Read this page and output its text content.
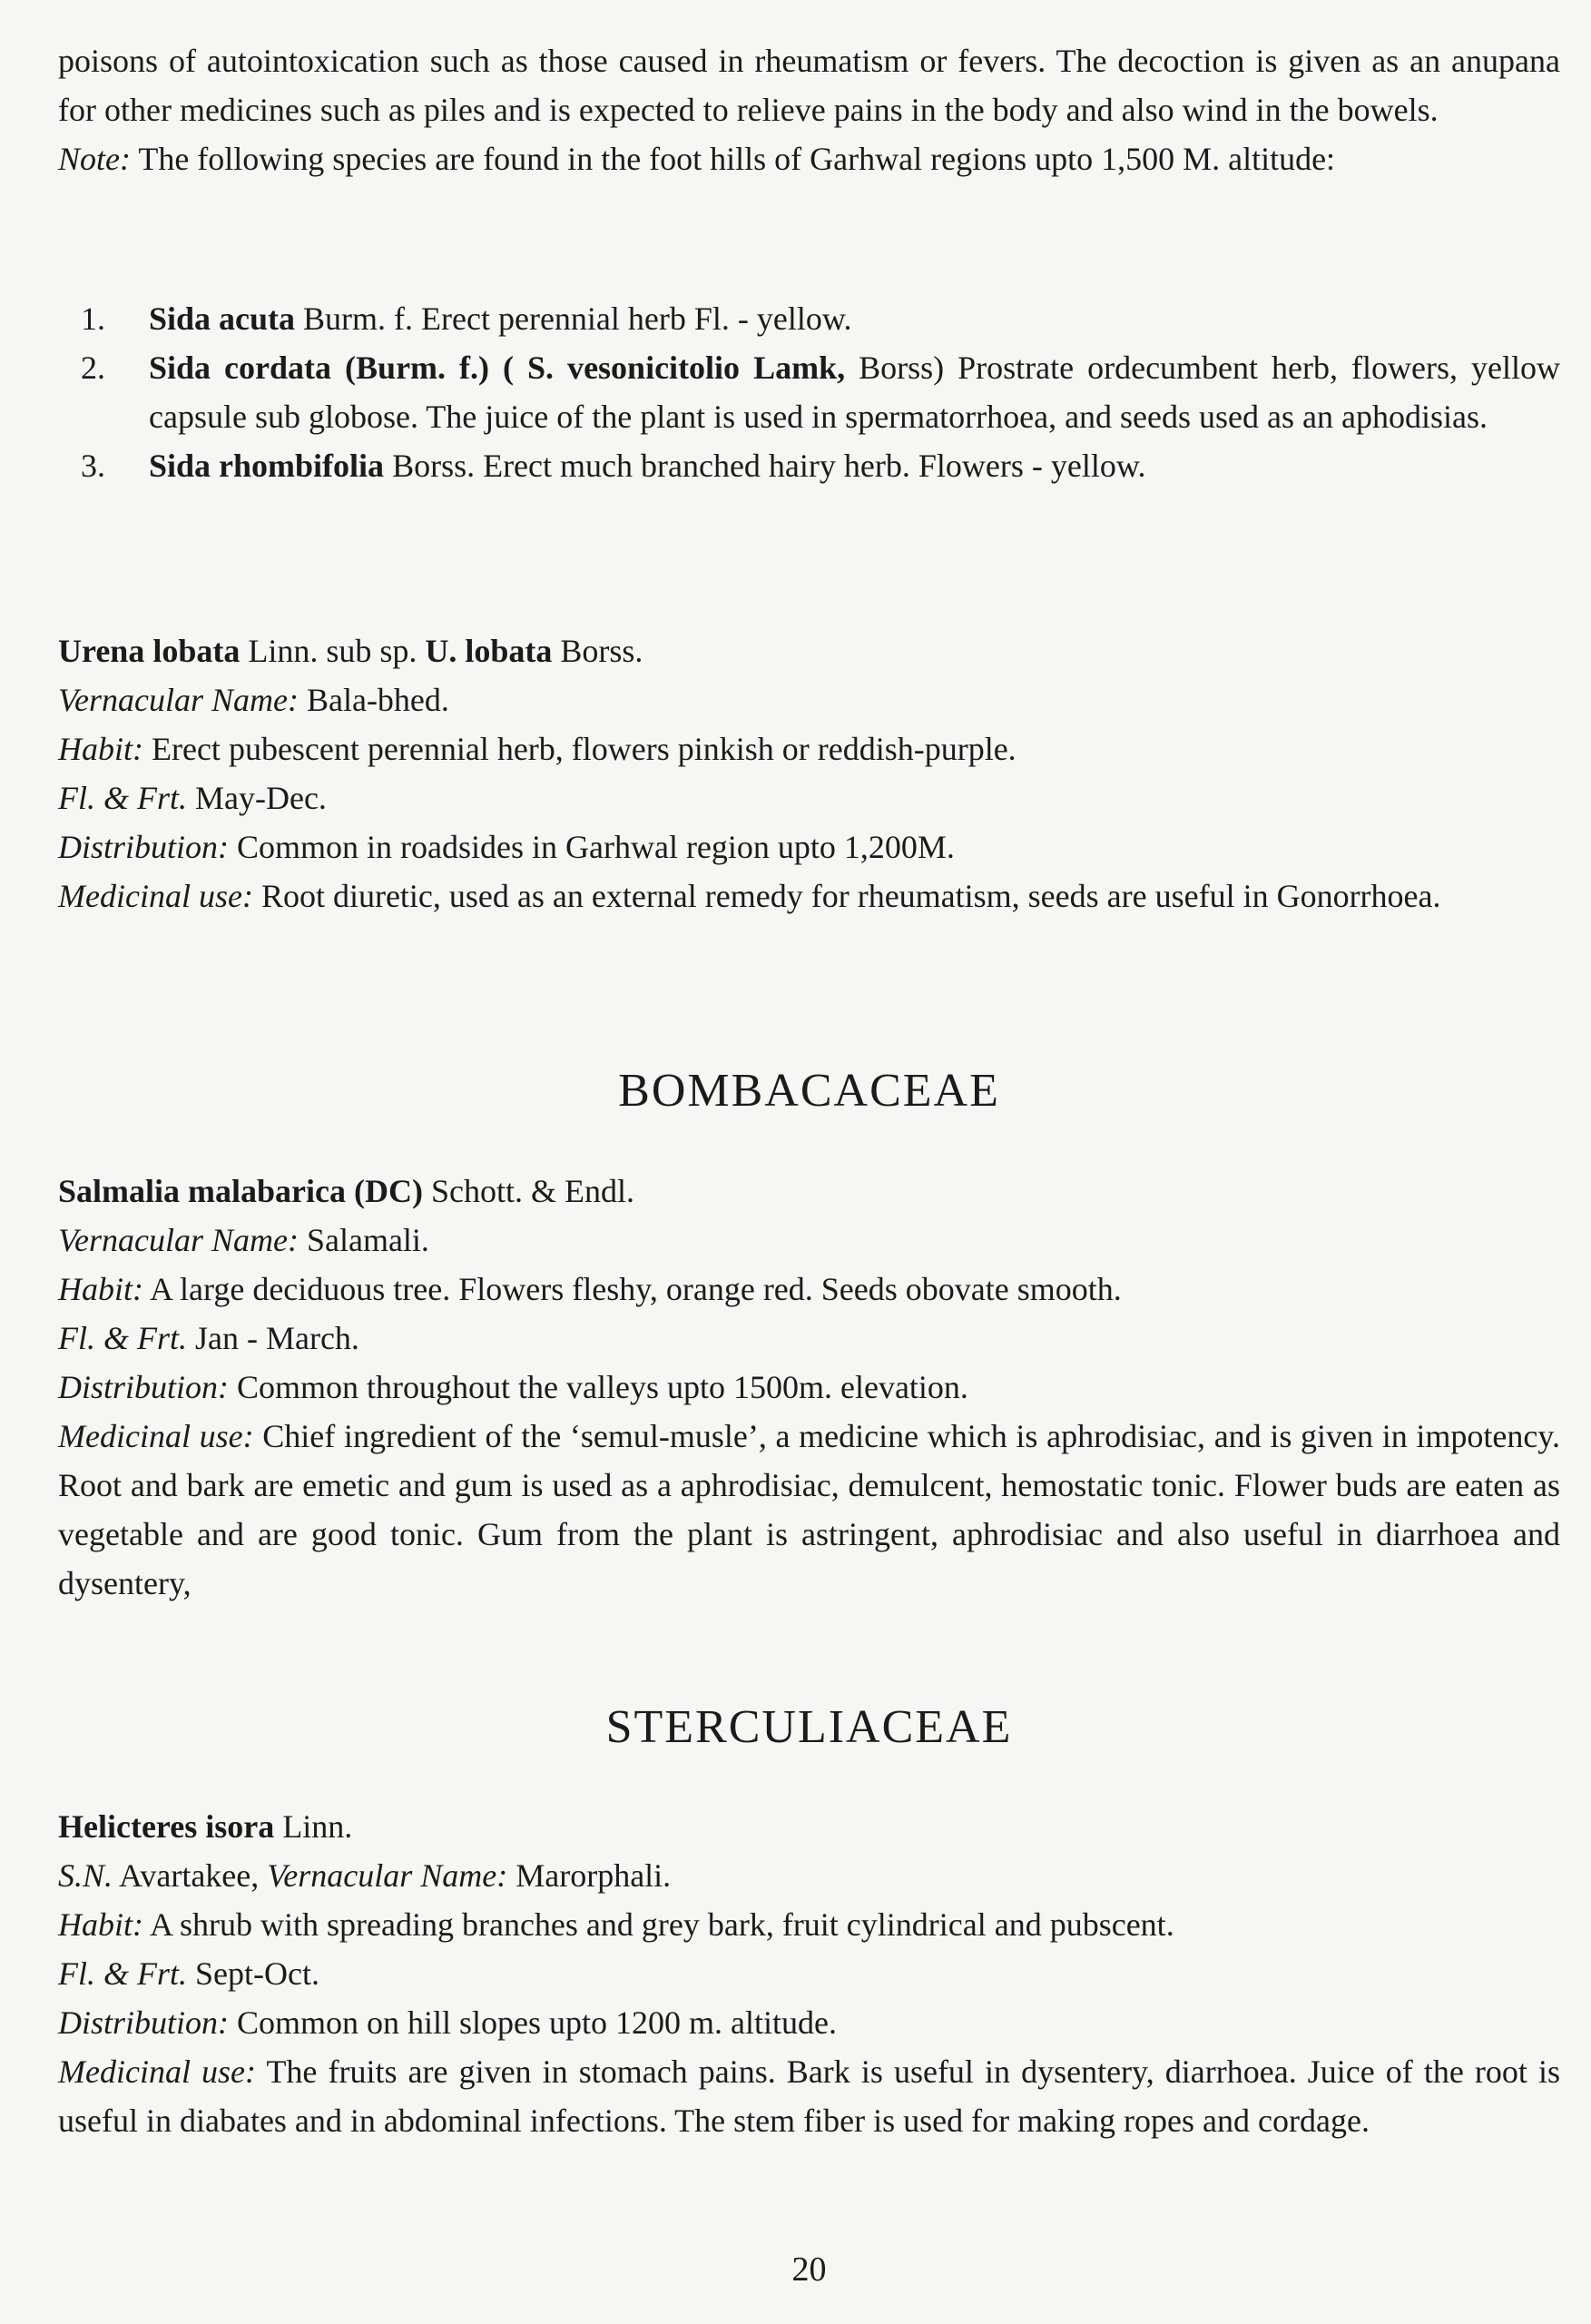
poisons of autointoxication such as those caused in rheumatism or fevers. The decoction is given as an anupana for other medicines such as piles and is expected to relieve pains in the body and also wind in the bowels.

Note: The following species are found in the foot hills of Garhwal regions upto 1,500 M. altitude:

1. Sida acuta Burm. f. Erect perennial herb Fl. - yellow.
2. Sida cordata (Burm. f.) ( S. vesonicitolio Lamk, Borss) Prostrate ordecumbent herb, flowers, yellow capsule sub globose. The juice of the plant is used in spermatorrhoea, and seeds used as an aphodisias.
3. Sida rhombifolia Borss. Erect much branched hairy herb. Flowers - yellow.

Urena lobata Linn. sub sp. U. lobata Borss.

Vernacular Name: Bala-bhed.

Habit: Erect pubescent perennial herb, flowers pinkish or reddish-purple.

Fl. & Frt. May-Dec.

Distribution: Common in roadsides in Garhwal region upto 1,200M.

Medicinal use: Root diuretic, used as an external remedy for rheumatism, seeds are useful in Gonorrhoea.

BOMBACACEAE

Salmalia malabarica (DC) Schott. & Endl.

Vernacular Name: Salamali.

Habit: A large deciduous tree. Flowers fleshy, orange red. Seeds obovate smooth.

Fl. & Frt. Jan - March.

Distribution: Common throughout the valleys upto 1500m. elevation.

Medicinal use: Chief ingredient of the ‘semul-musle’, a medicine which is aphrodisiac, and is given in impotency. Root and bark are emetic and gum is used as a aphrodisiac, demulcent, hemostatic tonic. Flower buds are eaten as vegetable and are good tonic. Gum from the plant is astringent, aphrodisiac and also useful in diarrhoea and dysentery,

STERCULIACEAE

Helicteres isora Linn.

S.N. Avartakee, Vernacular Name: Marorphali.

Habit: A shrub with spreading branches and grey bark, fruit cylindrical and pubscent.

Fl. & Frt. Sept-Oct.

Distribution: Common on hill slopes upto 1200 m. altitude.

Medicinal use: The fruits are given in stomach pains. Bark is useful in dysentery, diarrhoea. Juice of the root is useful in diabates and in abdominal infections. The stem fiber is used for making ropes and cordage.

20
